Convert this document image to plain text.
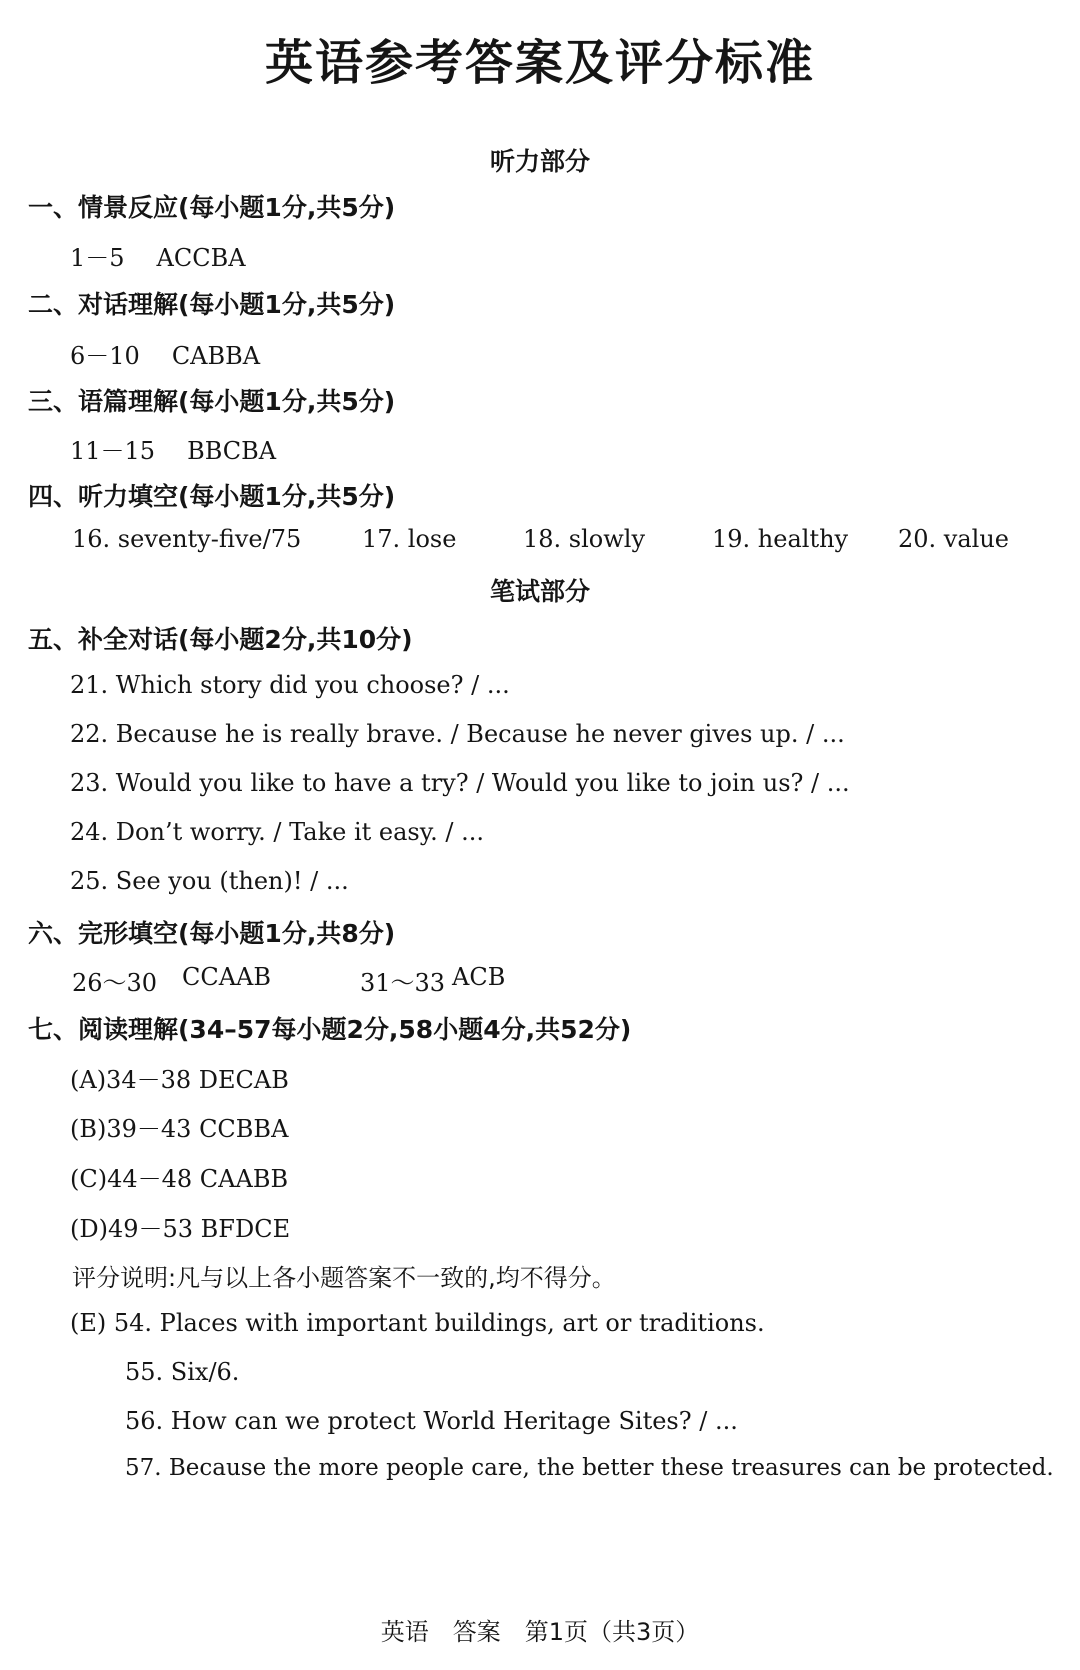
英语参考答案及评分标准
听力部分
一、情景反应(每小题1分,共5分)
1－5 ACCBA
二、对话理解(每小题1分,共5分)
6－10 CABBA
三、语篇理解(每小题1分,共5分)
11－15 BBCBA
四、听力填空(每小题1分,共5分)
16. seventy-five/75	17. lose	18. slowly	19. healthy 20. value
笔试部分
五、补全对话(每小题2分,共10分)
21. Which story did you choose? / ...
22. Because he is really brave. / Because he never gives up. / ...
23. Would you like to have a try? / Would you like to join us? / ...
24. Don’t worry. / Take it easy. / ...
25. See you (then)! / ...
六、完形填空(每小题1分,共8分)
26～30 CCAAB	31～33 ACB
七、阅读理解(34–57每小题2分,58小题4分,共52分)
(A)34－38 DECAB
(B)39－43 CCBBA
(C)44－48 CAABB
(D)49－53 BFDCE
评分说明:凡与以上各小题答案不一致的,均不得分。
(E) 54. Places with important buildings, art or traditions.
55. Six/6.
56. How can we protect World Heritage Sites? / ...
57. Because the more people care, the better these treasures can be protected.
英语　答案　第1页（共3页）
